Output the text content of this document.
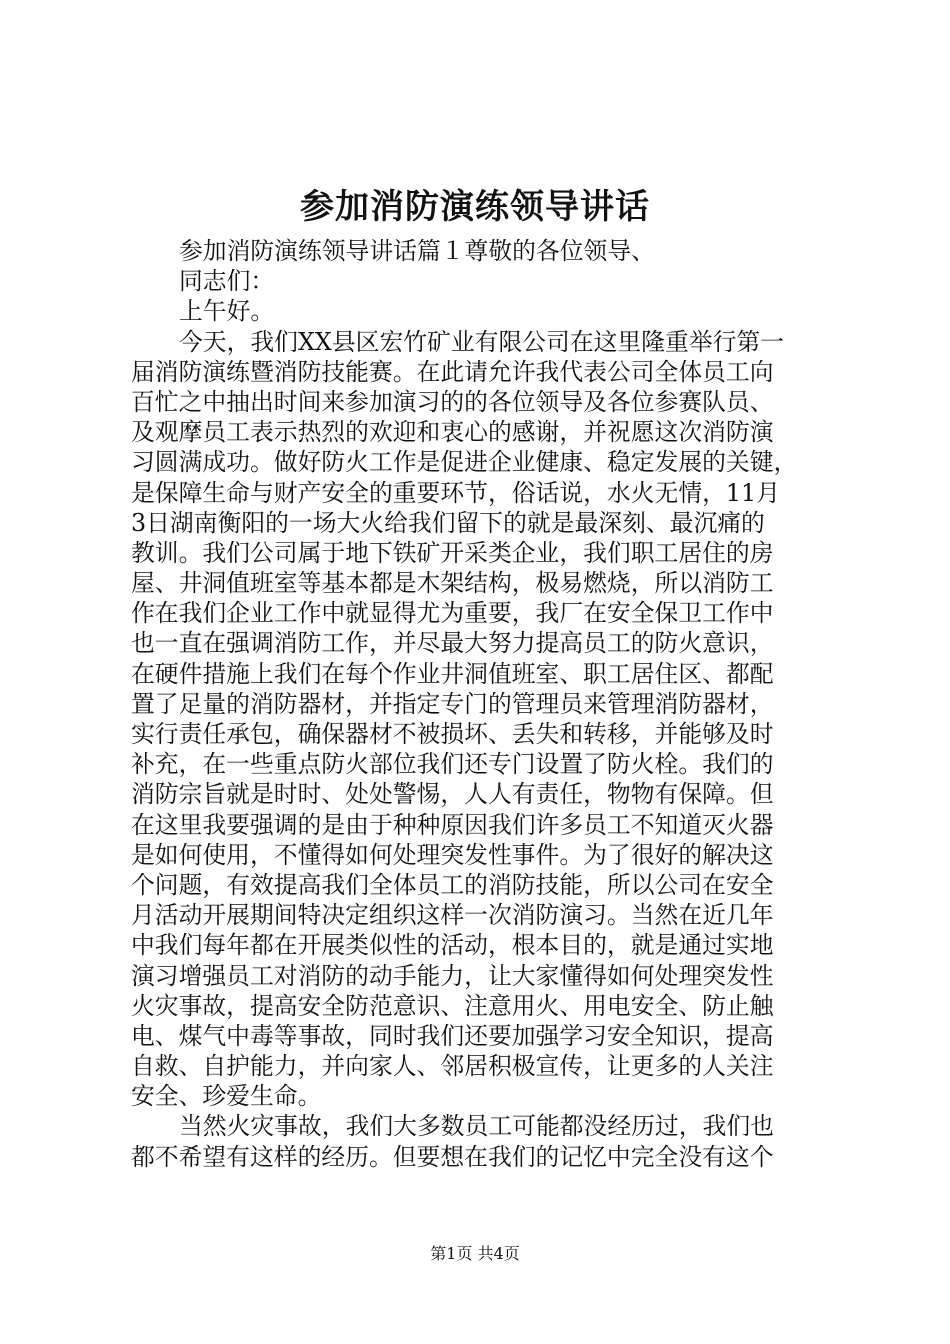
参加消防演练领导讲话
参加消防演练领导讲话篇１尊敬的各位领导、
同志们：
上午好。
今天，我们XX县区宏竹矿业有限公司在这里隆重举行第一
届消防演练暨消防技能赛。在此请允许我代表公司全体员工向
百忙之中抽出时间来参加演习的的各位领导及各位参赛队员、
及观摩员工表示热烈的欢迎和衷心的感谢，并祝愿这次消防演
习圆满成功。做好防火工作是促进企业健康、稳定发展的关键，
是保障生命与财产安全的重要环节，俗话说，水火无情，11月
3日湖南衡阳的一场大火给我们留下的就是最深刻、最沉痛的
教训。我们公司属于地下铁矿开采类企业，我们职工居住的房
屋、井洞值班室等基本都是木架结构，极易燃烧，所以消防工
作在我们企业工作中就显得尤为重要，我厂在安全保卫工作中
也一直在强调消防工作，并尽最大努力提高员工的防火意识，
在硬件措施上我们在每个作业井洞值班室、职工居住区、都配
置了足量的消防器材，并指定专门的管理员来管理消防器材，
实行责任承包，确保器材不被损坏、丢失和转移，并能够及时
补充，在一些重点防火部位我们还专门设置了防火栓。我们的
消防宗旨就是时时、处处警惕，人人有责任，物物有保障。但
在这里我要强调的是由于种种原因我们许多员工不知道灭火器
是如何使用，不懂得如何处理突发性事件。为了很好的解决这
个问题，有效提高我们全体员工的消防技能，所以公司在安全
月活动开展期间特决定组织这样一次消防演习。当然在近几年
中我们每年都在开展类似性的活动，根本目的，就是通过实地
演习增强员工对消防的动手能力，让大家懂得如何处理突发性
火灾事故，提高安全防范意识、注意用火、用电安全、防止触
电、煤气中毒等事故，同时我们还要加强学习安全知识，提高
自救、自护能力，并向家人、邻居积极宣传，让更多的人关注
安全、珍爱生命。
当然火灾事故，我们大多数员工可能都没经历过，我们也
都不希望有这样的经历。但要想在我们的记忆中完全没有这个
第1页 共4页
